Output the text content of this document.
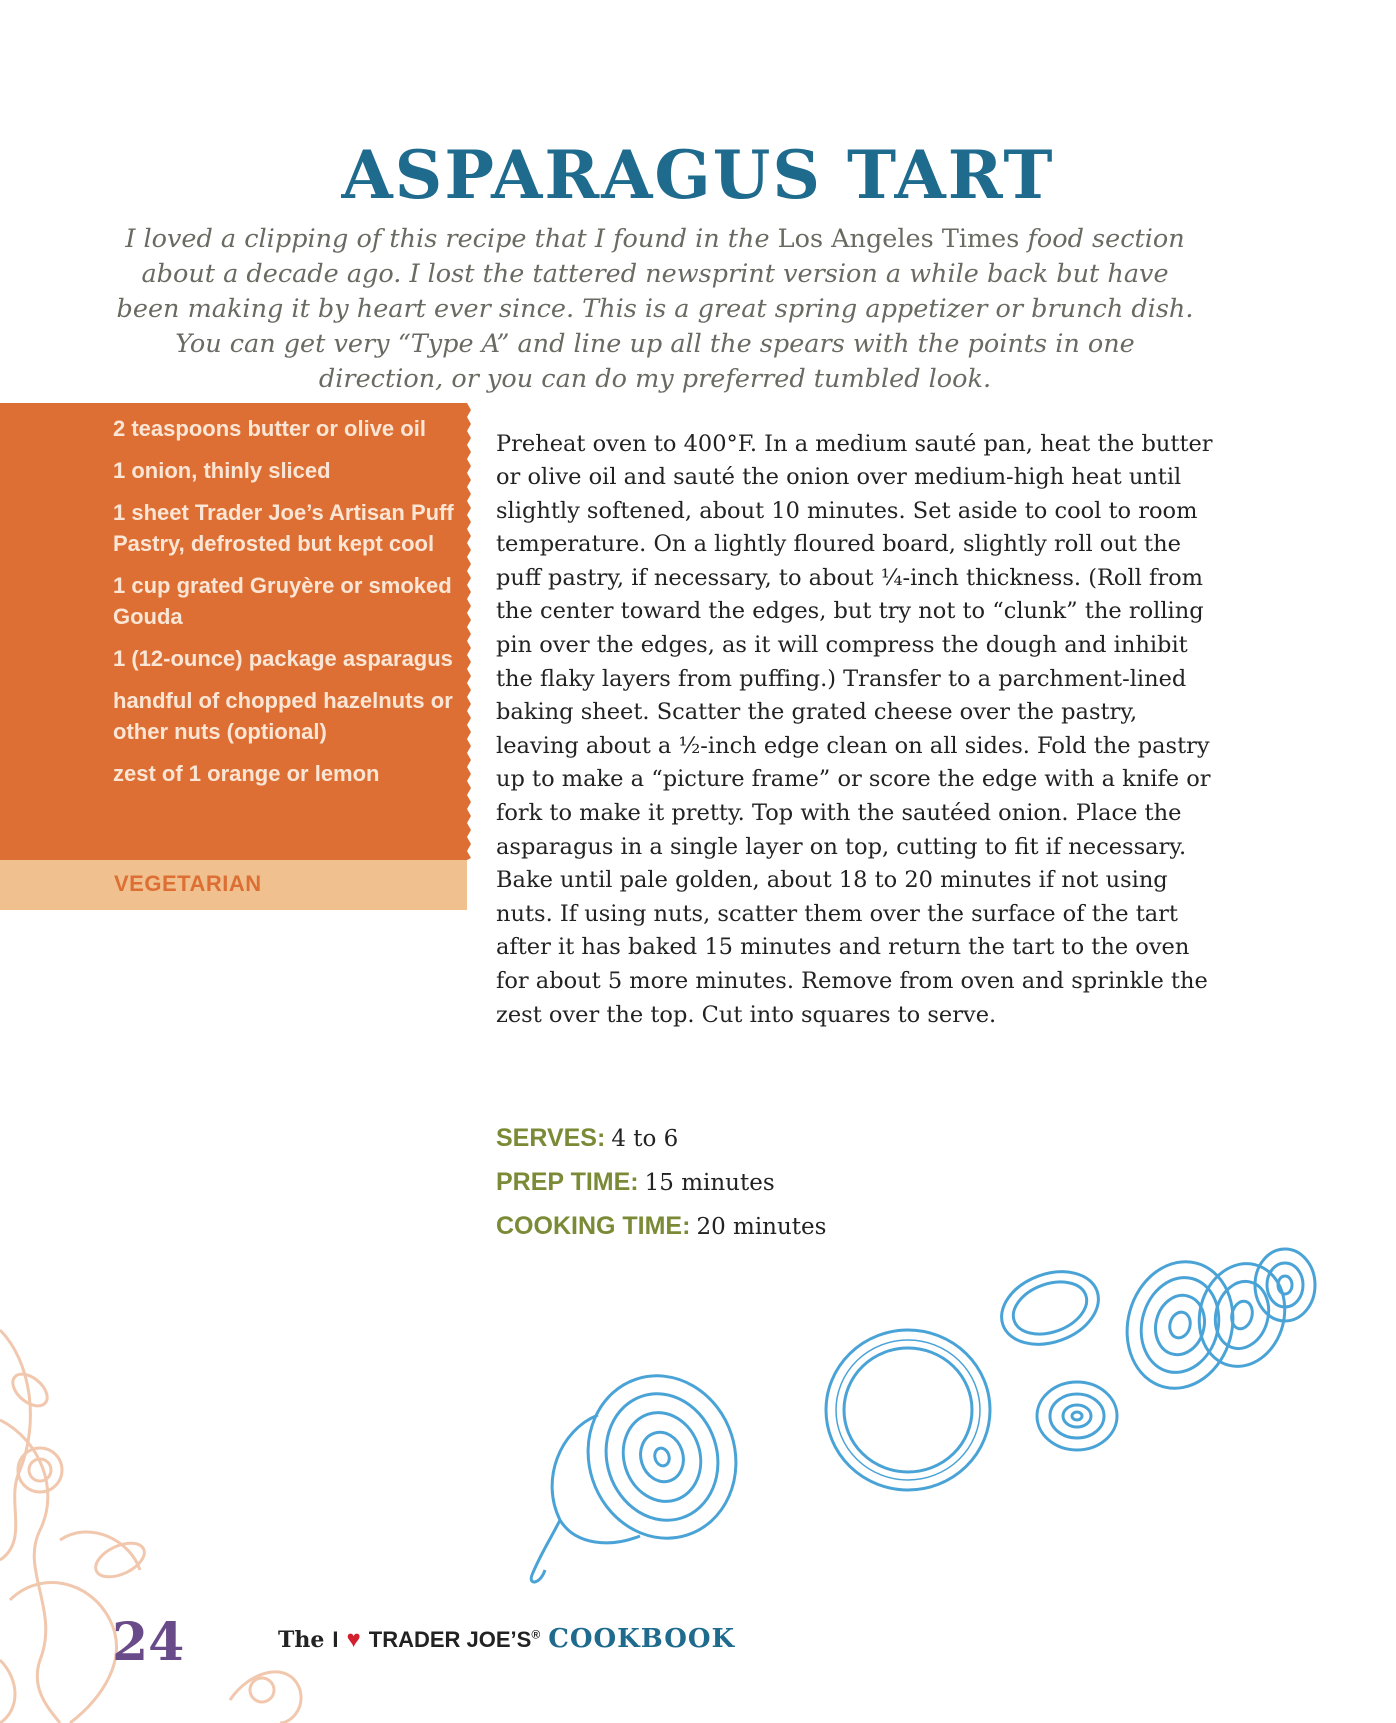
ASPARAGUS TART

I loved a clipping of this recipe that I found in the Los Angeles Times food section about a decade ago. I lost the tattered newsprint version a while back but have been making it by heart ever since. This is a great spring appetizer or brunch dish. You can get very “Type A” and line up all the spears with the points in one direction, or you can do my preferred tumbled look.

2 teaspoons butter or olive oil
1 onion, thinly sliced
1 sheet Trader Joe’s Artisan Puff Pastry, defrosted but kept cool
1 cup grated Gruyère or smoked Gouda
1 (12-ounce) package asparagus
handful of chopped hazelnuts or other nuts (optional)
zest of 1 orange or lemon
VEGETARIAN

Preheat oven to 400°F. In a medium sauté pan, heat the butter or olive oil and sauté the onion over medium-high heat until slightly softened, about 10 minutes. Set aside to cool to room temperature. On a lightly floured board, slightly roll out the puff pastry, if necessary, to about ¼-inch thickness. (Roll from the center toward the edges, but try not to “clunk” the rolling pin over the edges, as it will compress the dough and inhibit the flaky layers from puffing.) Transfer to a parchment-lined baking sheet. Scatter the grated cheese over the pastry, leaving about a ½-inch edge clean on all sides. Fold the pastry up to make a “picture frame” or score the edge with a knife or fork to make it pretty. Top with the sautéed onion. Place the asparagus in a single layer on top, cutting to fit if necessary. Bake until pale golden, about 18 to 20 minutes if not using nuts. If using nuts, scatter them over the surface of the tart after it has baked 15 minutes and return the tart to the oven for about 5 more minutes. Remove from oven and sprinkle the zest over the top. Cut into squares to serve.

SERVES: 4 to 6
PREP TIME: 15 minutes
COOKING TIME: 20 minutes
24	The I ♥ TRADER JOE’S® COOKBOOK
